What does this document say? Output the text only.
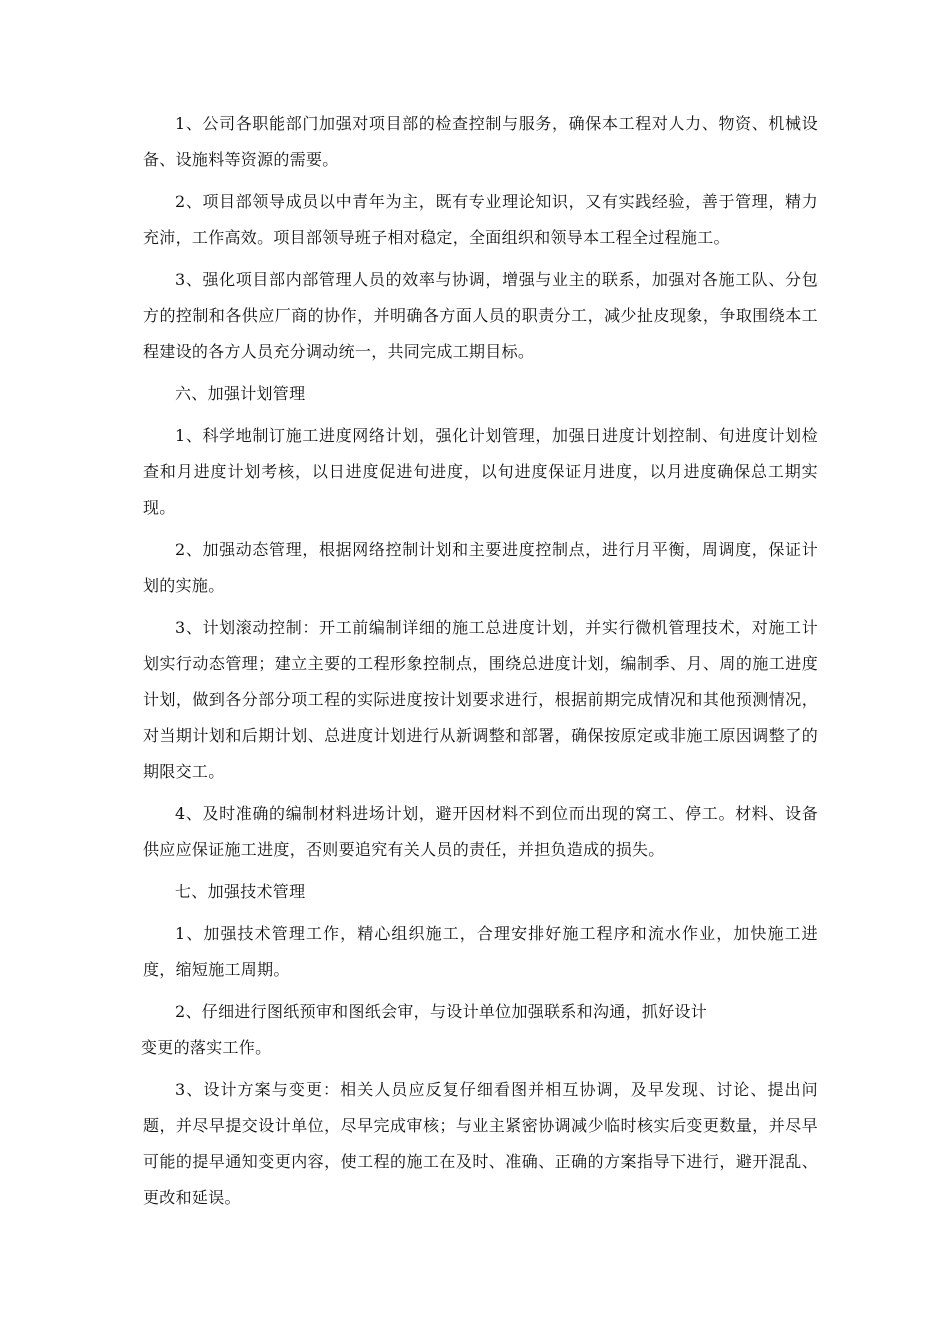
1、公司各职能部门加强对项目部的检查控制与服务，确保本工程对人力、物资、机械设备、设施料等资源的需要。

2、项目部领导成员以中青年为主，既有专业理论知识，又有实践经验，善于管理，精力充沛，工作高效。项目部领导班子相对稳定，全面组织和领导本工程全过程施工。

3、强化项目部内部管理人员的效率与协调，增强与业主的联系，加强对各施工队、分包方的控制和各供应厂商的协作，并明确各方面人员的职责分工，减少扯皮现象，争取围绕本工程建设的各方人员充分调动统一，共同完成工期目标。

六、加强计划管理

1、科学地制订施工进度网络计划，强化计划管理，加强日进度计划控制、旬进度计划检查和月进度计划考核，以日进度促进旬进度，以旬进度保证月进度，以月进度确保总工期实现。

2、加强动态管理，根据网络控制计划和主要进度控制点，进行月平衡，周调度，保证计划的实施。

3、计划滚动控制：开工前编制详细的施工总进度计划，并实行微机管理技术，对施工计划实行动态管理；建立主要的工程形象控制点，围绕总进度计划，编制季、月、周的施工进度计划，做到各分部分项工程的实际进度按计划要求进行，根据前期完成情况和其他预测情况，对当期计划和后期计划、总进度计划进行从新调整和部署，确保按原定或非施工原因调整了的期限交工。

4、及时准确的编制材料进场计划，避开因材料不到位而出现的窝工、停工。材料、设备供应应保证施工进度，否则要追究有关人员的责任，并担负造成的损失。

七、加强技术管理

1、加强技术管理工作，精心组织施工，合理安排好施工程序和流水作业，加快施工进度，缩短施工周期。

2、仔细进行图纸预审和图纸会审，与设计单位加强联系和沟通，抓好设计
变更的落实工作。

3、设计方案与变更：相关人员应反复仔细看图并相互协调，及早发现、讨论、提出问题，并尽早提交设计单位，尽早完成审核；与业主紧密协调减少临时核实后变更数量，并尽早可能的提早通知变更内容，使工程的施工在及时、准确、正确的方案指导下进行，避开混乱、更改和延误。
